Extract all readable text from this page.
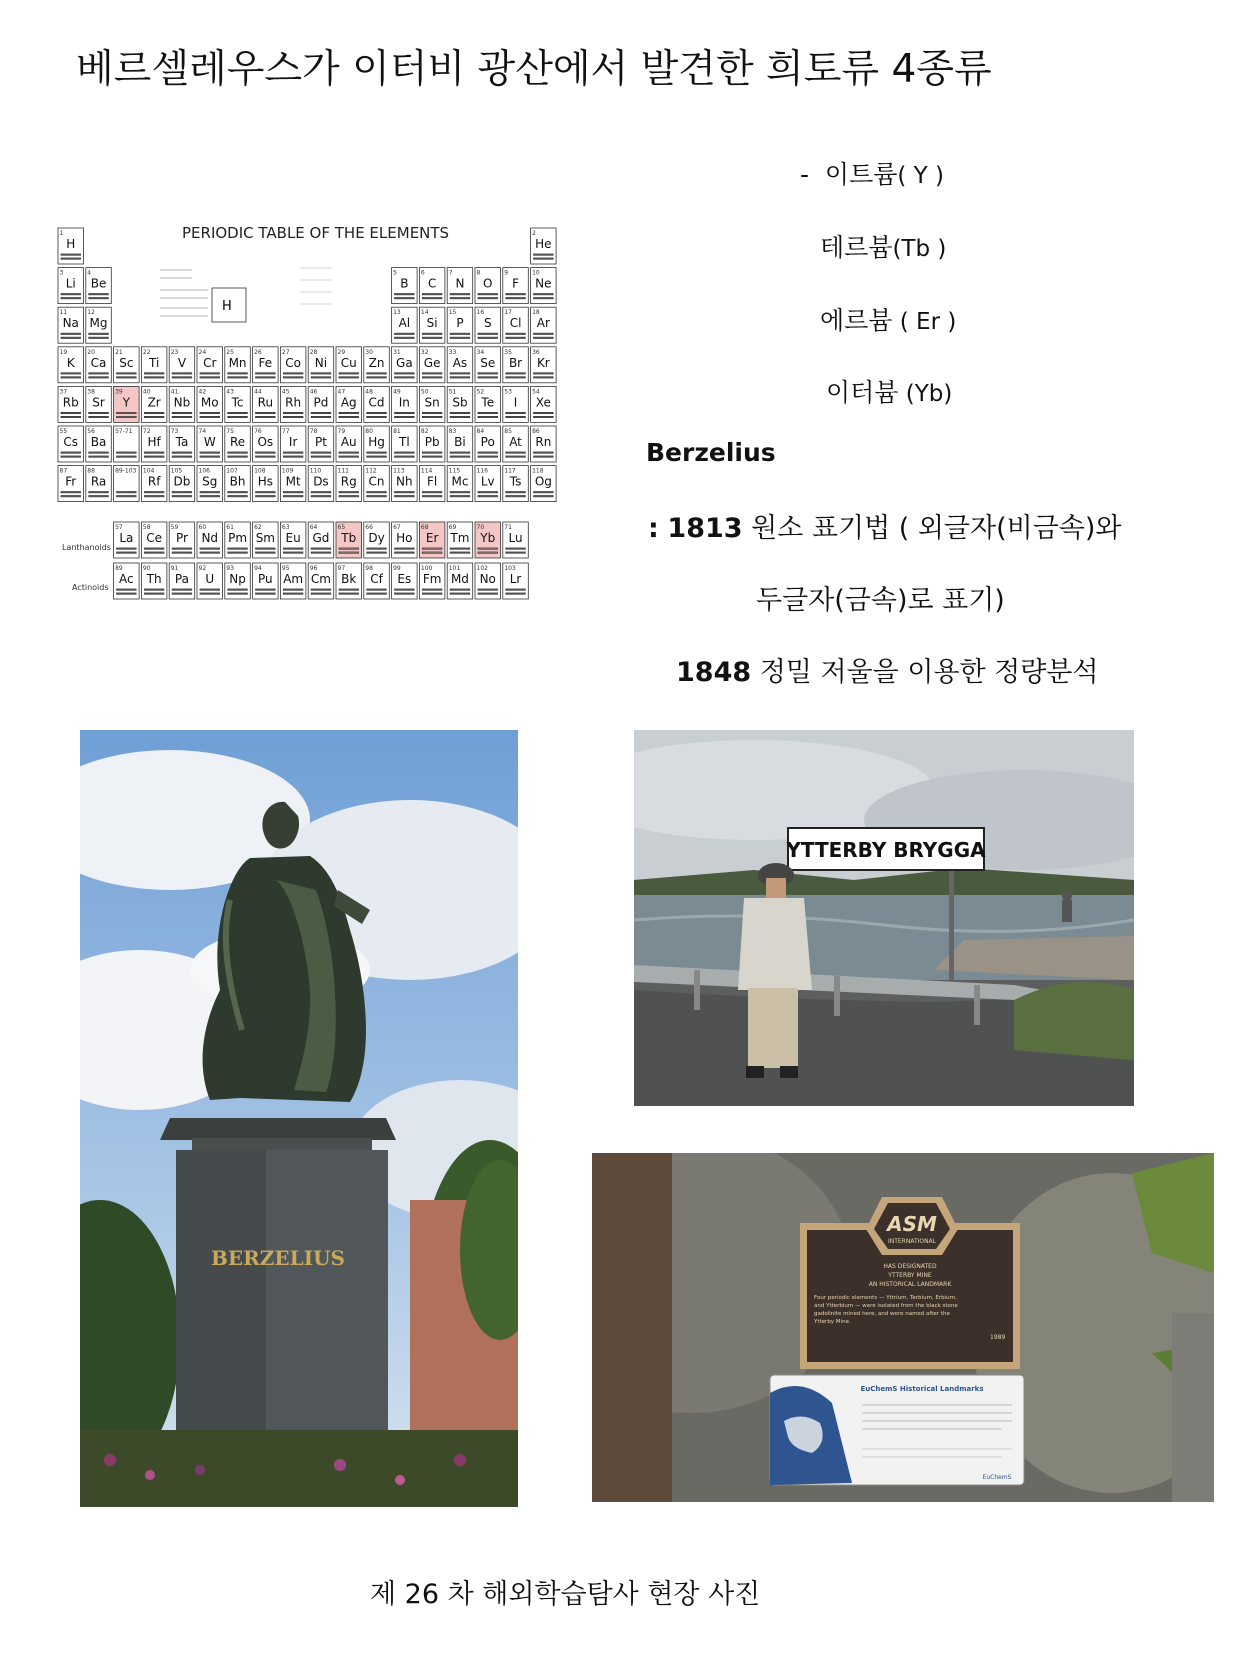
베르셀레우스가 이터비 광산에서 발견한 희토류 4종류
-  이트륨( Y )
테르븀(Tb )
에르븀 ( Er )
이터븀 (Yb)
PERIODIC TABLE OF THE ELEMENTS
1
H
2
He
3
Li
4
Be
5
B
6
C
7
N
8
O
9
F
10
Ne
11
Na
12
Mg
13
Al
14
Si
15
P
16
S
17
Cl
18
Ar
19
K
20
Ca
21
Sc
22
Ti
23
V
24
Cr
25
Mn
26
Fe
27
Co
28
Ni
29
Cu
30
Zn
31
Ga
32
Ge
33
As
34
Se
35
Br
36
Kr
37
Rb
38
Sr
39
Y
40
Zr
41
Nb
42
Mo
43
Tc
44
Ru
45
Rh
46
Pd
47
Ag
48
Cd
49
In
50
Sn
51
Sb
52
Te
53
I
54
Xe
55
Cs
56
Ba
57-71 72
Hf
73
Ta
74
W
75
Re
76
Os
77
Ir
78
Pt
79
Au
80
Hg
81
Tl
82
Pb
83
Bi
84
Po
85
At
86
Rn
87
Fr
88
Ra
89-103 104
Rf
105
Db
106
Sg
107
Bh
108
Hs
109
Mt
110
Ds
111
Rg
112
Cn
113
Nh
114
Fl
115
Mc
116
Lv
117
Ts
118
Og
57
La
58
Ce
59
Pr
60
Nd
61
Pm
62
Sm
63
Eu
64
Gd
65
Tb
66
Dy
67
Ho
68
Er
69
Tm
70
Yb
71
Lu
89
Ac
90
Th
91
Pa
92
U
93
Np
94
Pu
95
Am
96
Cm
97
Bk
98
Cf
99
Es
100
Fm
101
Md
102
No
103
Lr
H
Lanthanoids
Actinoids
Berzelius
: 1813 원소 표기법 ( 외글자(비금속)와
두글자(금속)로 표기)
1848 정밀 저울을 이용한 정량분석
BERZELIUS
YTTERBY BRYGGA
ASM
INTERNATIONAL
HAS DESIGNATED
YTTERBY MINE
AN HISTORICAL LANDMARK
Four periodic elements — Yttrium, Terbium, Erbium,
and Ytterbium — were isolated from the black stone
gadolinite mined here, and were named after the
Ytterby Mine.
1989
EuChemS Historical Landmarks
EuChemS
제 26 차 해외학습탐사 현장 사진
